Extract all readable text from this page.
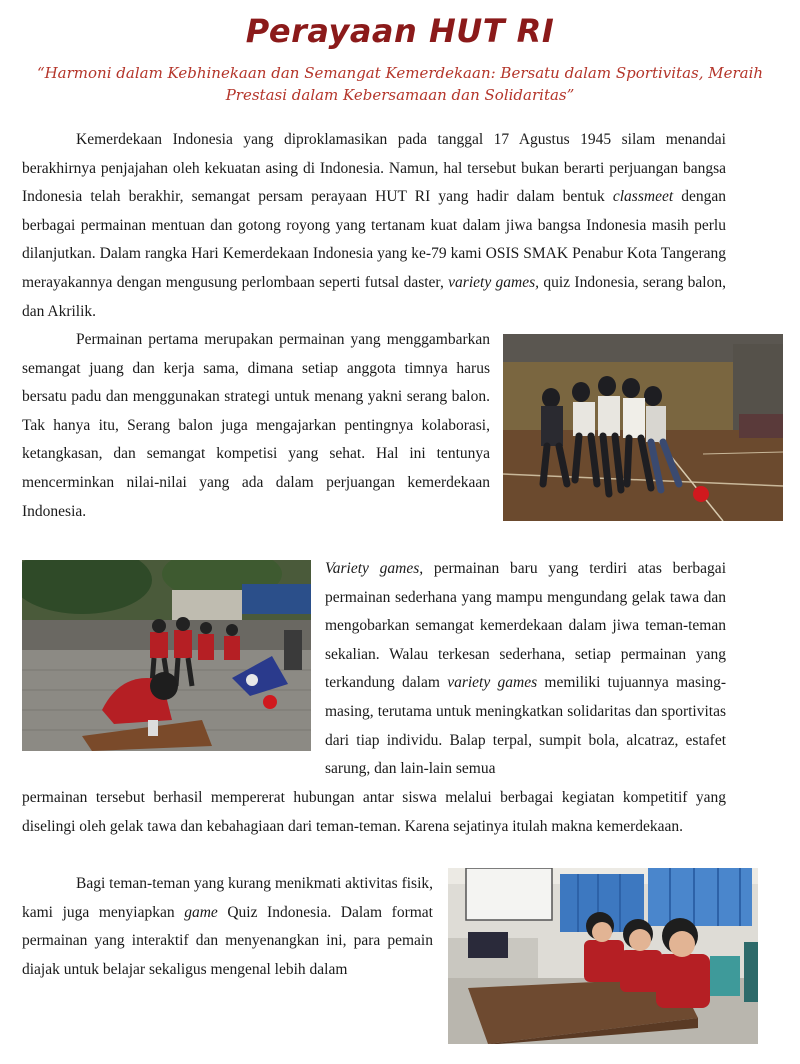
Perayaan HUT RI
“Harmoni dalam Kebhinekaan dan Semangat Kemerdekaan: Bersatu dalam Sportivitas, Meraih Prestasi dalam Kebersamaan dan Solidaritas”

Kemerdekaan Indonesia yang diproklamasikan pada tanggal 17 Agustus 1945 silam menandai berakhirnya penjajahan oleh kekuatan asing di Indonesia. Namun, hal tersebut bukan berarti perjuangan bangsa Indonesia telah berakhir, semangat persam perayaan HUT RI yang hadir dalam bentuk classmeet dengan berbagai permainan mentuan dan gotong royong yang tertanam kuat dalam jiwa bangsa Indonesia masih perlu dilanjutkan. Dalam rangka Hari Kemerdekaan Indonesia yang ke-79 kami OSIS SMAK Penabur Kota Tangerang merayakannya dengan mengusung perlombaan seperti futsal daster, variety games, quiz Indonesia, serang balon, dan Akrilik.

Permainan pertama merupakan permainan yang menggambarkan semangat juang dan kerja sama, dimana setiap anggota timnya harus bersatu padu dan menggunakan strategi untuk menang yakni serang balon. Tak hanya itu, Serang balon juga mengajarkan pentingnya kolaborasi, ketangkasan, dan semangat kompetisi yang sehat. Hal ini tentunya mencerminkan nilai-nilai yang ada dalam perjuangan kemerdekaan Indonesia.

Variety games, permainan baru yang terdiri atas berbagai permainan sederhana yang mampu mengundang gelak tawa dan mengobarkan semangat kemerdekaan dalam jiwa teman-teman sekalian. Walau terkesan sederhana, setiap permainan yang terkandung dalam variety games memiliki tujuannya masing-masing, terutama untuk meningkatkan solidaritas dan sportivitas dari tiap individu. Balap terpal, sumpit bola, alcatraz, estafet sarung, dan lain-lain semua

permainan tersebut berhasil mempererat hubungan antar siswa melalui berbagai kegiatan kompetitif yang diselingi oleh gelak tawa dan kebahagiaan dari teman-teman. Karena sejatinya itulah makna kemerdekaan.

Bagi teman-teman yang kurang menikmati aktivitas fisik, kami juga menyiapkan game Quiz Indonesia. Dalam format permainan yang interaktif dan menyenangkan ini, para pemain diajak untuk belajar sekaligus mengenal lebih dalam
